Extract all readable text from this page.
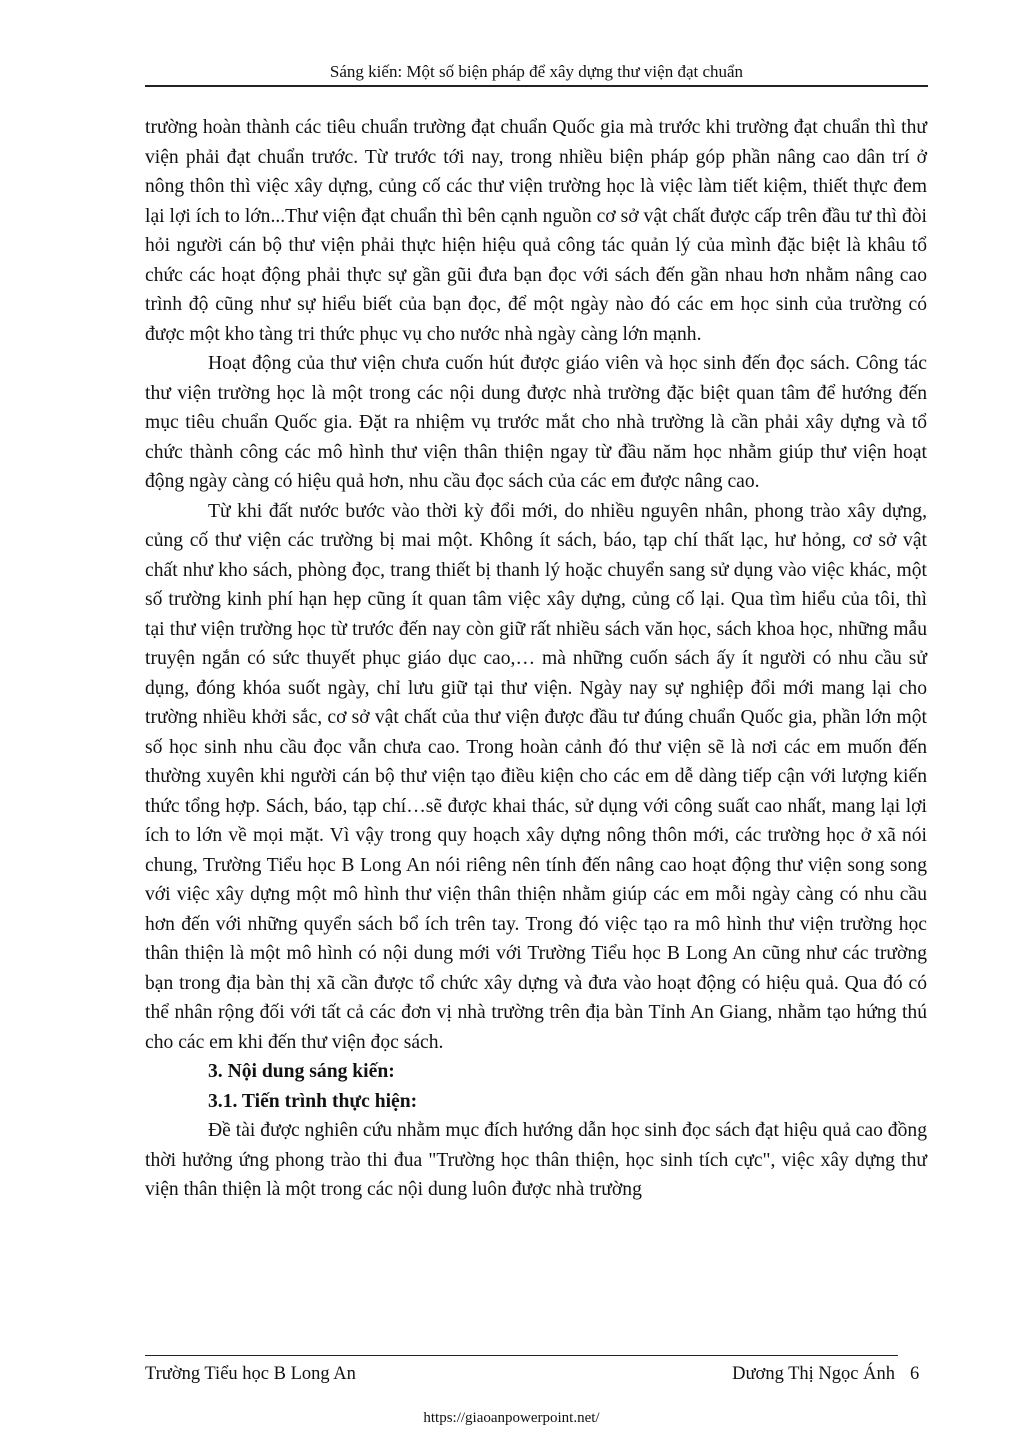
Sáng kiến: Một số biện pháp để xây dựng thư viện đạt chuẩn

trường hoàn thành các tiêu chuẩn trường đạt chuẩn Quốc gia mà trước khi trường đạt chuẩn thì thư viện phải đạt chuẩn trước. Từ trước tới nay, trong nhiều biện pháp góp phần nâng cao dân trí ở nông thôn thì việc xây dựng, củng cố các thư viện trường học là việc làm tiết kiệm, thiết thực đem lại lợi ích to lớn...Thư viện đạt chuẩn thì bên cạnh nguồn cơ sở vật chất được cấp trên đầu tư thì đòi hỏi người cán bộ thư viện phải thực hiện hiệu quả công tác quản lý của mình đặc biệt là khâu tổ chức các hoạt động phải thực sự gần gũi đưa bạn đọc với sách đến gần nhau hơn nhằm nâng cao trình độ cũng như sự hiểu biết của bạn đọc, để một ngày nào đó các em học sinh của trường có được một kho tàng tri thức phục vụ cho nước nhà ngày càng lớn mạnh.

Hoạt động của thư viện chưa cuốn hút được giáo viên và học sinh đến đọc sách. Công tác thư viện trường học là một trong các nội dung được nhà trường đặc biệt quan tâm để hướng đến mục tiêu chuẩn Quốc gia. Đặt ra nhiệm vụ trước mắt cho nhà trường là cần phải xây dựng và tổ chức thành công các mô hình thư viện thân thiện ngay từ đầu năm học nhằm giúp thư viện hoạt động ngày càng có hiệu quả hơn, nhu cầu đọc sách của các em được nâng cao.

Từ khi đất nước bước vào thời kỳ đổi mới, do nhiều nguyên nhân, phong trào xây dựng, củng cố thư viện các trường bị mai một. Không ít sách, báo, tạp chí thất lạc, hư hỏng, cơ sở vật chất như kho sách, phòng đọc, trang thiết bị thanh lý hoặc chuyển sang sử dụng vào việc khác, một số trường kinh phí hạn hẹp cũng ít quan tâm việc xây dựng, củng cố lại. Qua tìm hiểu của tôi, thì tại thư viện trường học từ trước đến nay còn giữ rất nhiều sách văn học, sách khoa học, những mẫu truyện ngắn có sức thuyết phục giáo dục cao,… mà những cuốn sách ấy ít người có nhu cầu sử dụng, đóng khóa suốt ngày, chỉ lưu giữ tại thư viện. Ngày nay sự nghiệp đổi mới mang lại cho trường nhiều khởi sắc, cơ sở vật chất của thư viện được đầu tư đúng chuẩn Quốc gia, phần lớn một số học sinh nhu cầu đọc vẫn chưa cao. Trong hoàn cảnh đó thư viện sẽ là nơi các em muốn đến thường xuyên khi người cán bộ thư viện tạo điều kiện cho các em dễ dàng tiếp cận với lượng kiến thức tổng hợp. Sách, báo, tạp chí…sẽ được khai thác, sử dụng với công suất cao nhất, mang lại lợi ích to lớn về mọi mặt. Vì vậy trong quy hoạch xây dựng nông thôn mới, các trường học ở xã nói chung, Trường Tiểu học B Long An nói riêng nên tính đến nâng cao hoạt động thư viện song song với việc xây dựng một mô hình thư viện thân thiện nhằm giúp các em mỗi ngày càng có nhu cầu hơn đến với những quyển sách bổ ích trên tay. Trong đó việc tạo ra mô hình thư viện trường học thân thiện là một mô hình có nội dung mới với Trường Tiểu học B Long An cũng như các trường bạn trong địa bàn thị xã cần được tổ chức xây dựng và đưa vào hoạt động có hiệu quả. Qua đó có thể nhân rộng đối với tất cả các đơn vị nhà trường trên địa bàn Tỉnh An Giang, nhằm tạo hứng thú cho các em khi đến thư viện đọc sách.

3. Nội dung sáng kiến:
3.1. Tiến trình thực hiện:

Đề tài được nghiên cứu nhằm mục đích hướng dẫn học sinh đọc sách đạt hiệu quả cao đồng thời hưởng ứng phong trào thi đua "Trường học thân thiện, học sinh tích cực", việc xây dựng thư viện thân thiện là một trong các nội dung luôn được nhà trường

Trường Tiểu học B Long An	Dương Thị Ngọc Ánh 6
https://giaoanpowerpoint.net/
